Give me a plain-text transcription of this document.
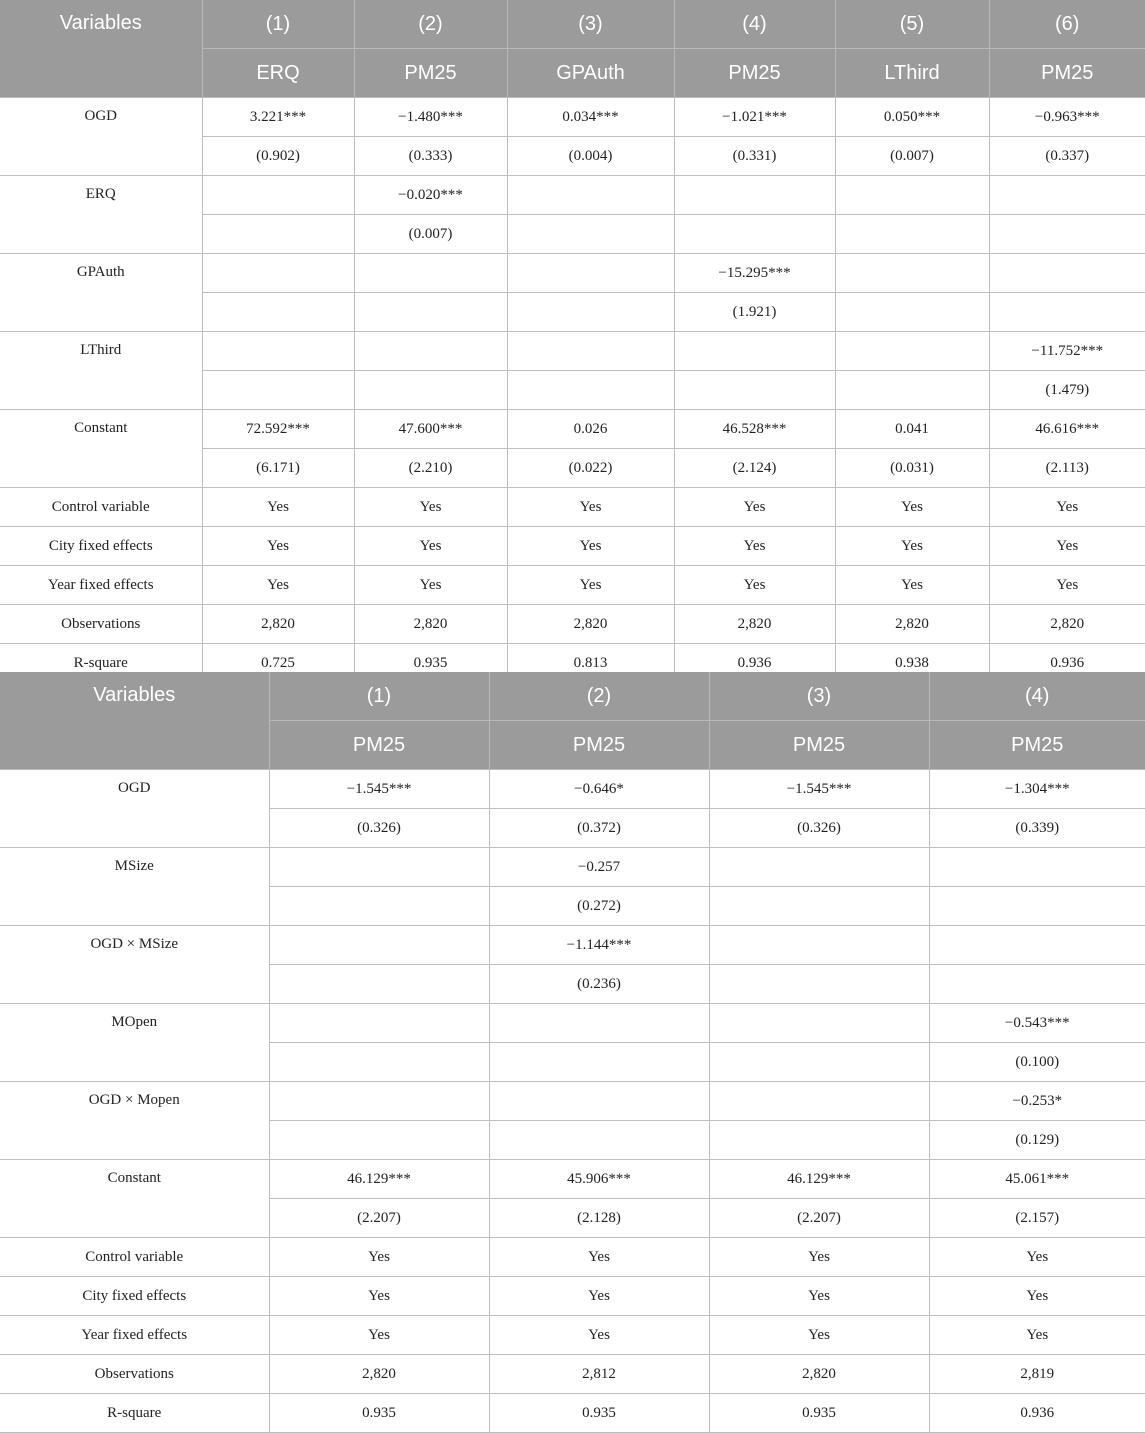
Variables	(1)	(2)	(3)	(4)	(5)	(6)
	ERQ	PM25	GPAuth	PM25	LThird	PM25
OGD	3.221***	−1.480***	0.034***	−1.021***	0.050***	−0.963***
	(0.902)	(0.333)	(0.004)	(0.331)	(0.007)	(0.337)
ERQ		−0.020***				
		(0.007)				
GPAuth				−15.295***		
				(1.921)		
LThird						−11.752***
						(1.479)
Constant	72.592***	47.600***	0.026	46.528***	0.041	46.616***
	(6.171)	(2.210)	(0.022)	(2.124)	(0.031)	(2.113)
Control variable	Yes	Yes	Yes	Yes	Yes	Yes
City fixed effects	Yes	Yes	Yes	Yes	Yes	Yes
Year fixed effects	Yes	Yes	Yes	Yes	Yes	Yes
Observations	2,820	2,820	2,820	2,820	2,820	2,820
R-square	0.725	0.935	0.813	0.936	0.938	0.936
Variables	(1)	(2)	(3)	(4)
	PM25	PM25	PM25	PM25
OGD	−1.545***	−0.646*	−1.545***	−1.304***
	(0.326)	(0.372)	(0.326)	(0.339)
MSize		−0.257		
		(0.272)		
OGD × MSize		−1.144***		
		(0.236)		
MOpen				−0.543***
				(0.100)
OGD × Mopen				−0.253*
				(0.129)
Constant	46.129***	45.906***	46.129***	45.061***
	(2.207)	(2.128)	(2.207)	(2.157)
Control variable	Yes	Yes	Yes	Yes
City fixed effects	Yes	Yes	Yes	Yes
Year fixed effects	Yes	Yes	Yes	Yes
Observations	2,820	2,812	2,820	2,819
R-square	0.935	0.935	0.935	0.936
